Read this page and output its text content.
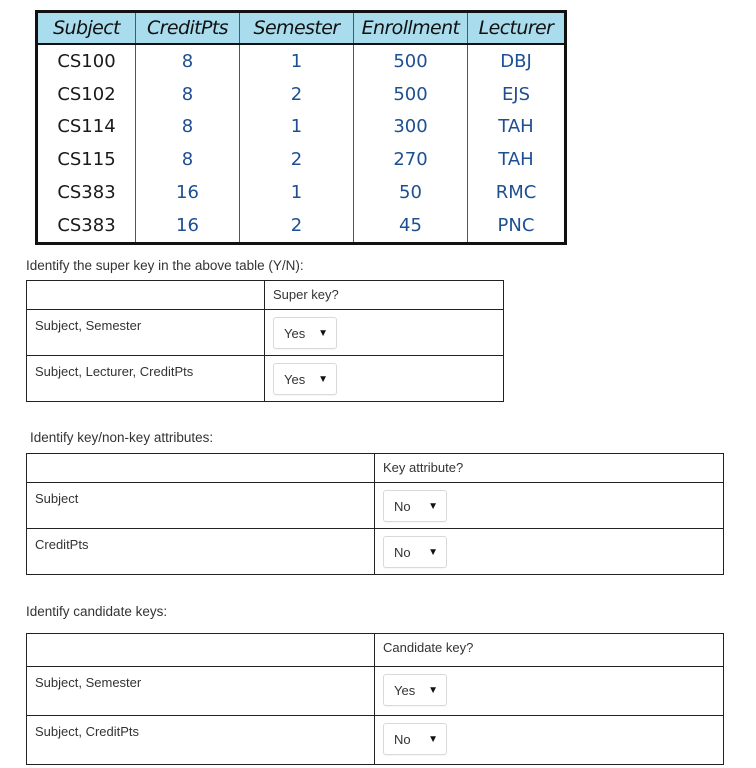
Subject	CreditPts	Semester	Enrollment	Lecturer
CS100	8	1	500	DBJ
CS102	8	2	500	EJS
CS114	8	1	300	TAH
CS115	8	2	270	TAH
CS383	16	1	50	RMC
CS383	16	2	45	PNC
Identify the super key in the above table (Y/N):
	Super key?
Subject, Semester	Yes ▼

Subject, Lecturer, CreditPts	Yes ▼
Identify key/non-key attributes:
	Key attribute?
Subject	No ▼

CreditPts	No ▼
Identify candidate keys:
	Candidate key?
Subject, Semester	Yes ▼

Subject, CreditPts	No ▼
